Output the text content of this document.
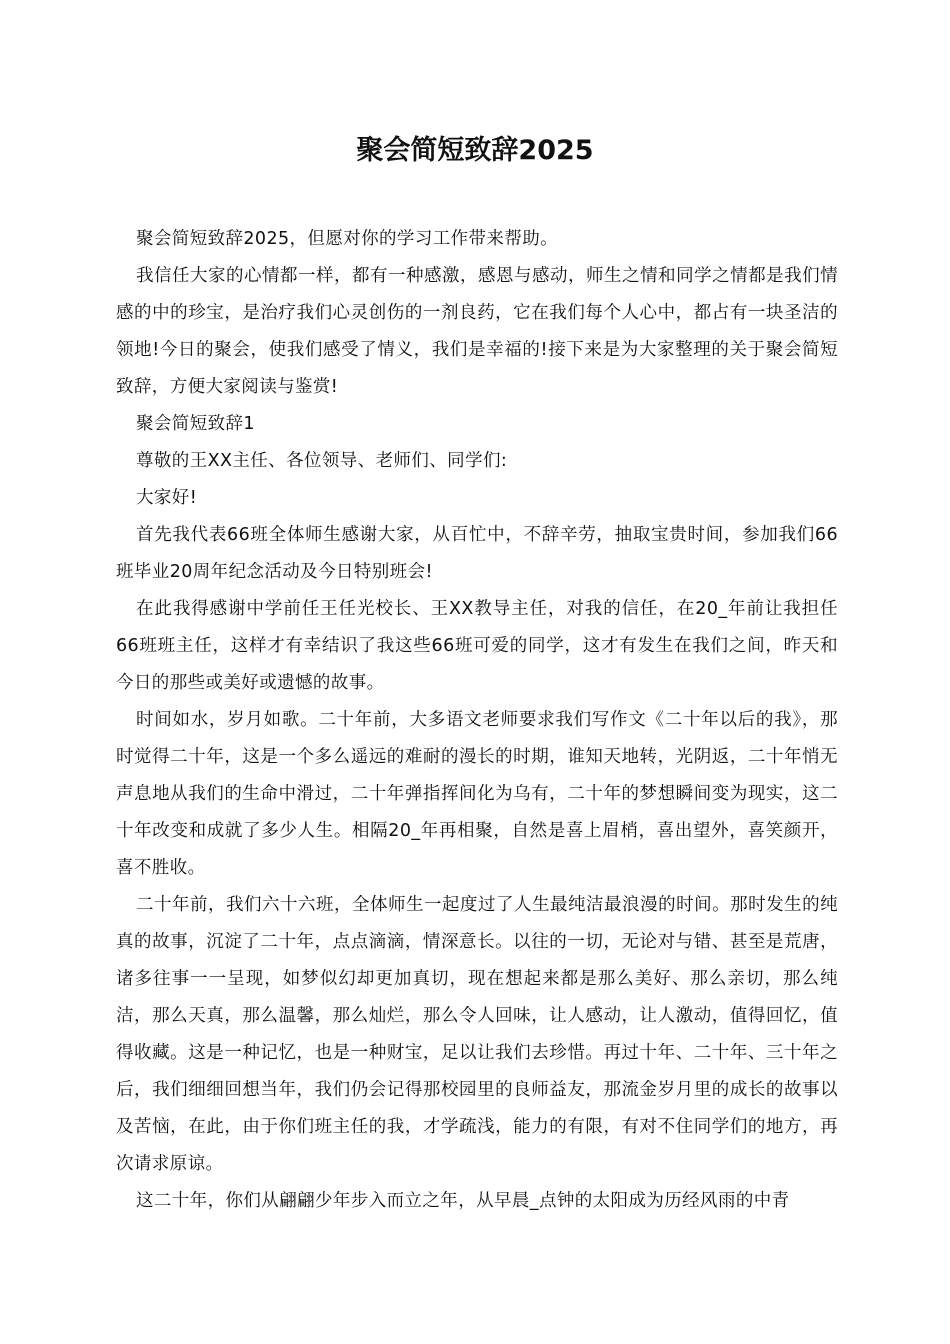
聚会简短致辞2025

聚会简短致辞2025，但愿对你的学习工作带来帮助。

我信任大家的心情都一样，都有一种感激，感恩与感动，师生之情和同学之情都是我们情感的中的珍宝，是治疗我们心灵创伤的一剂良药，它在我们每个人心中，都占有一块圣洁的领地!今日的聚会，使我们感受了情义，我们是幸福的!接下来是为大家整理的关于聚会简短致辞，方便大家阅读与鉴赏!

聚会简短致辞1

尊敬的王XX主任、各位领导、老师们、同学们:

大家好!

首先我代表66班全体师生感谢大家，从百忙中，不辞辛劳，抽取宝贵时间，参加我们66班毕业20周年纪念活动及今日特别班会!

在此我得感谢中学前任王任光校长、王XX教导主任，对我的信任，在20_年前让我担任66班班主任，这样才有幸结识了我这些66班可爱的同学，这才有发生在我们之间，昨天和今日的那些或美好或遗憾的故事。

时间如水，岁月如歌。二十年前，大多语文老师要求我们写作文《二十年以后的我》，那时觉得二十年，这是一个多么遥远的难耐的漫长的时期，谁知天地转，光阴返，二十年悄无声息地从我们的生命中滑过，二十年弹指挥间化为乌有，二十年的梦想瞬间变为现实，这二十年改变和成就了多少人生。相隔20_年再相聚，自然是喜上眉梢，喜出望外，喜笑颜开，喜不胜收。

二十年前，我们六十六班，全体师生一起度过了人生最纯洁最浪漫的时间。那时发生的纯真的故事，沉淀了二十年，点点滴滴，情深意长。以往的一切，无论对与错、甚至是荒唐，诸多往事一一呈现，如梦似幻却更加真切，现在想起来都是那么美好、那么亲切，那么纯洁，那么天真，那么温馨，那么灿烂，那么令人回味，让人感动，让人激动，值得回忆，值得收藏。这是一种记忆，也是一种财宝，足以让我们去珍惜。再过十年、二十年、三十年之后，我们细细回想当年，我们仍会记得那校园里的良师益友，那流金岁月里的成长的故事以及苦恼，在此，由于你们班主任的我，才学疏浅，能力的有限，有对不住同学们的地方，再次请求原谅。

这二十年，你们从翩翩少年步入而立之年，从早晨_点钟的太阳成为历经风雨的中青
